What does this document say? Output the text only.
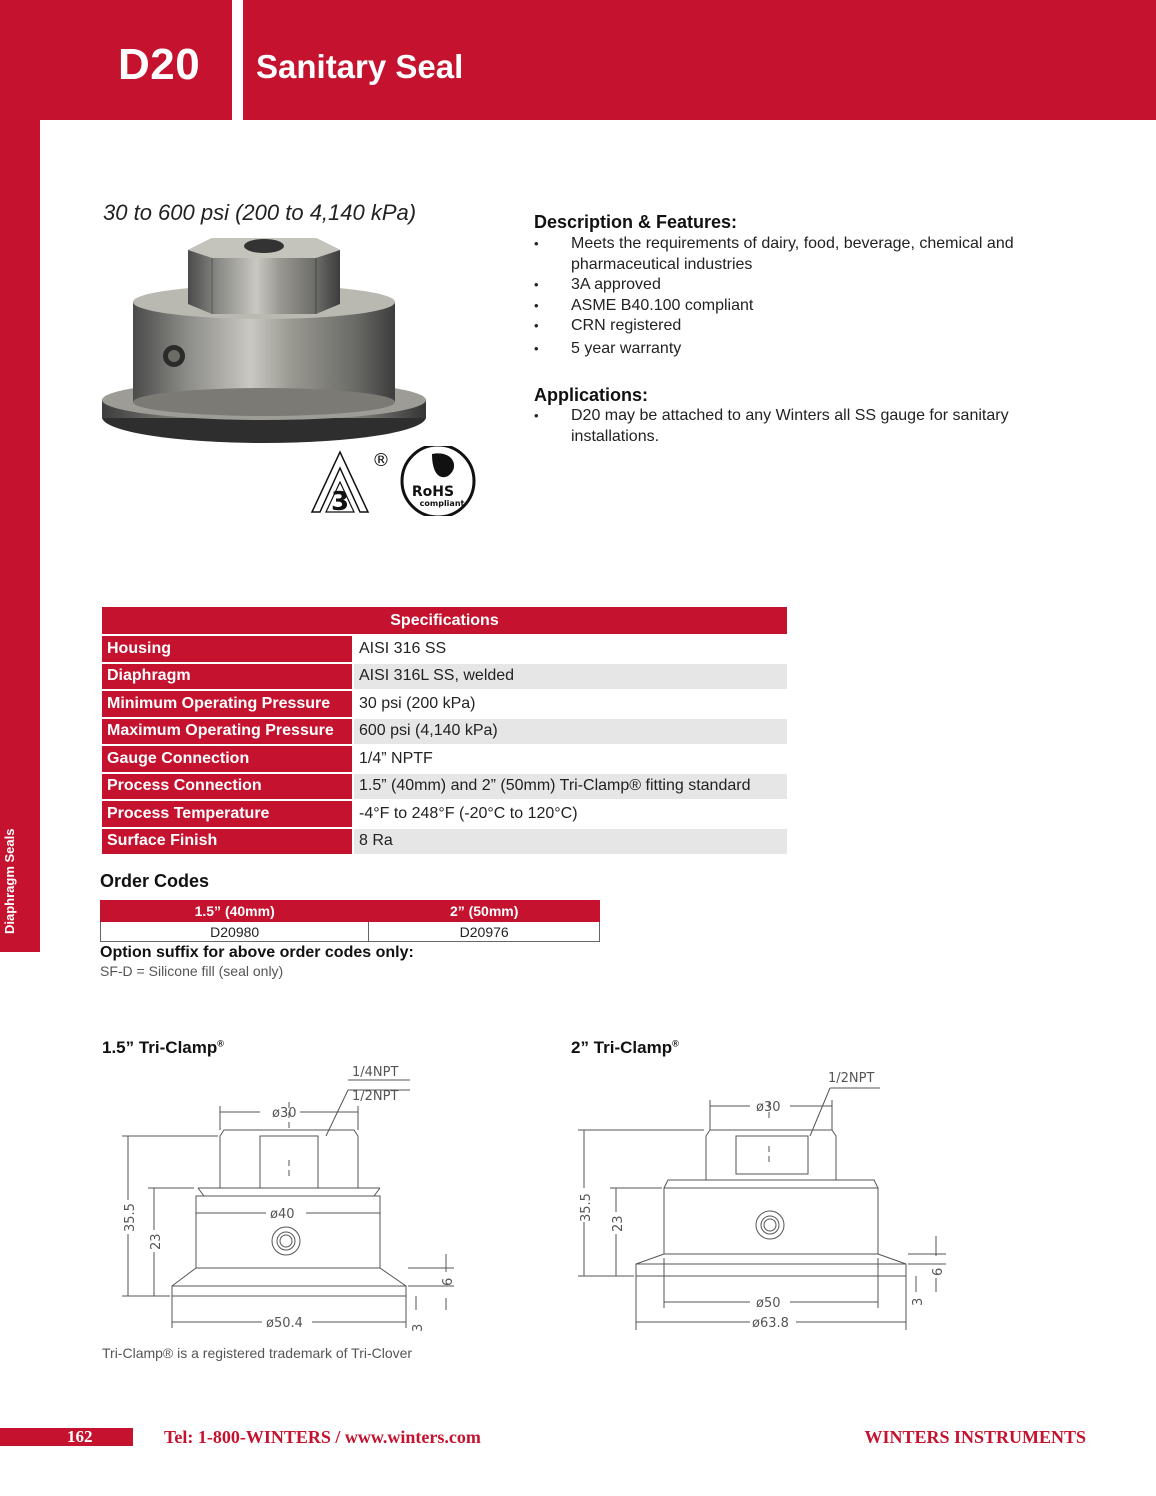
D20 Sanitary Seal
Diaphragm Seals
30 to 600 psi (200 to 4,140 kPa)
3
®
RoHS
compliant
Description & Features:
• Meets the requirements of dairy, food, beverage, chemical and pharmaceutical industries
• 3A approved
• ASME B40.100 compliant
• CRN registered
• 5 year warranty
Applications:
• D20 may be attached to any Winters all SS gauge for sanitary installations.
Specifications	
Housing	AISI 316 SS
Diaphragm	AISI 316L SS, welded
Minimum Operating Pressure	30 psi (200 kPa)
Maximum Operating Pressure	600 psi (4,140 kPa)
Gauge Connection	1/4” NPTF
Process Connection	1.5” (40mm) and 2” (50mm) Tri-Clamp® fitting standard
Process Temperature	-4°F to 248°F (-20°C to 120°C)
Surface Finish	8 Ra
Order Codes
1.5” (40mm)	2” (50mm)
D20980	D20976
Option suffix for above order codes only:
SF-D = Silicone fill (seal only)
1.5” Tri-Clamp®	2” Tri-Clamp®
1/4NPT
1/2NPT
ø30
ø40
ø50.4
35.5
23
6
3
1/2NPT
ø30
ø50
ø63.8
35.5
23
6
3
Tri-Clamp® is a registered trademark of Tri-Clover
162	Tel: 1-800-WINTERS / www.winters.com	WINTERS INSTRUMENTS
